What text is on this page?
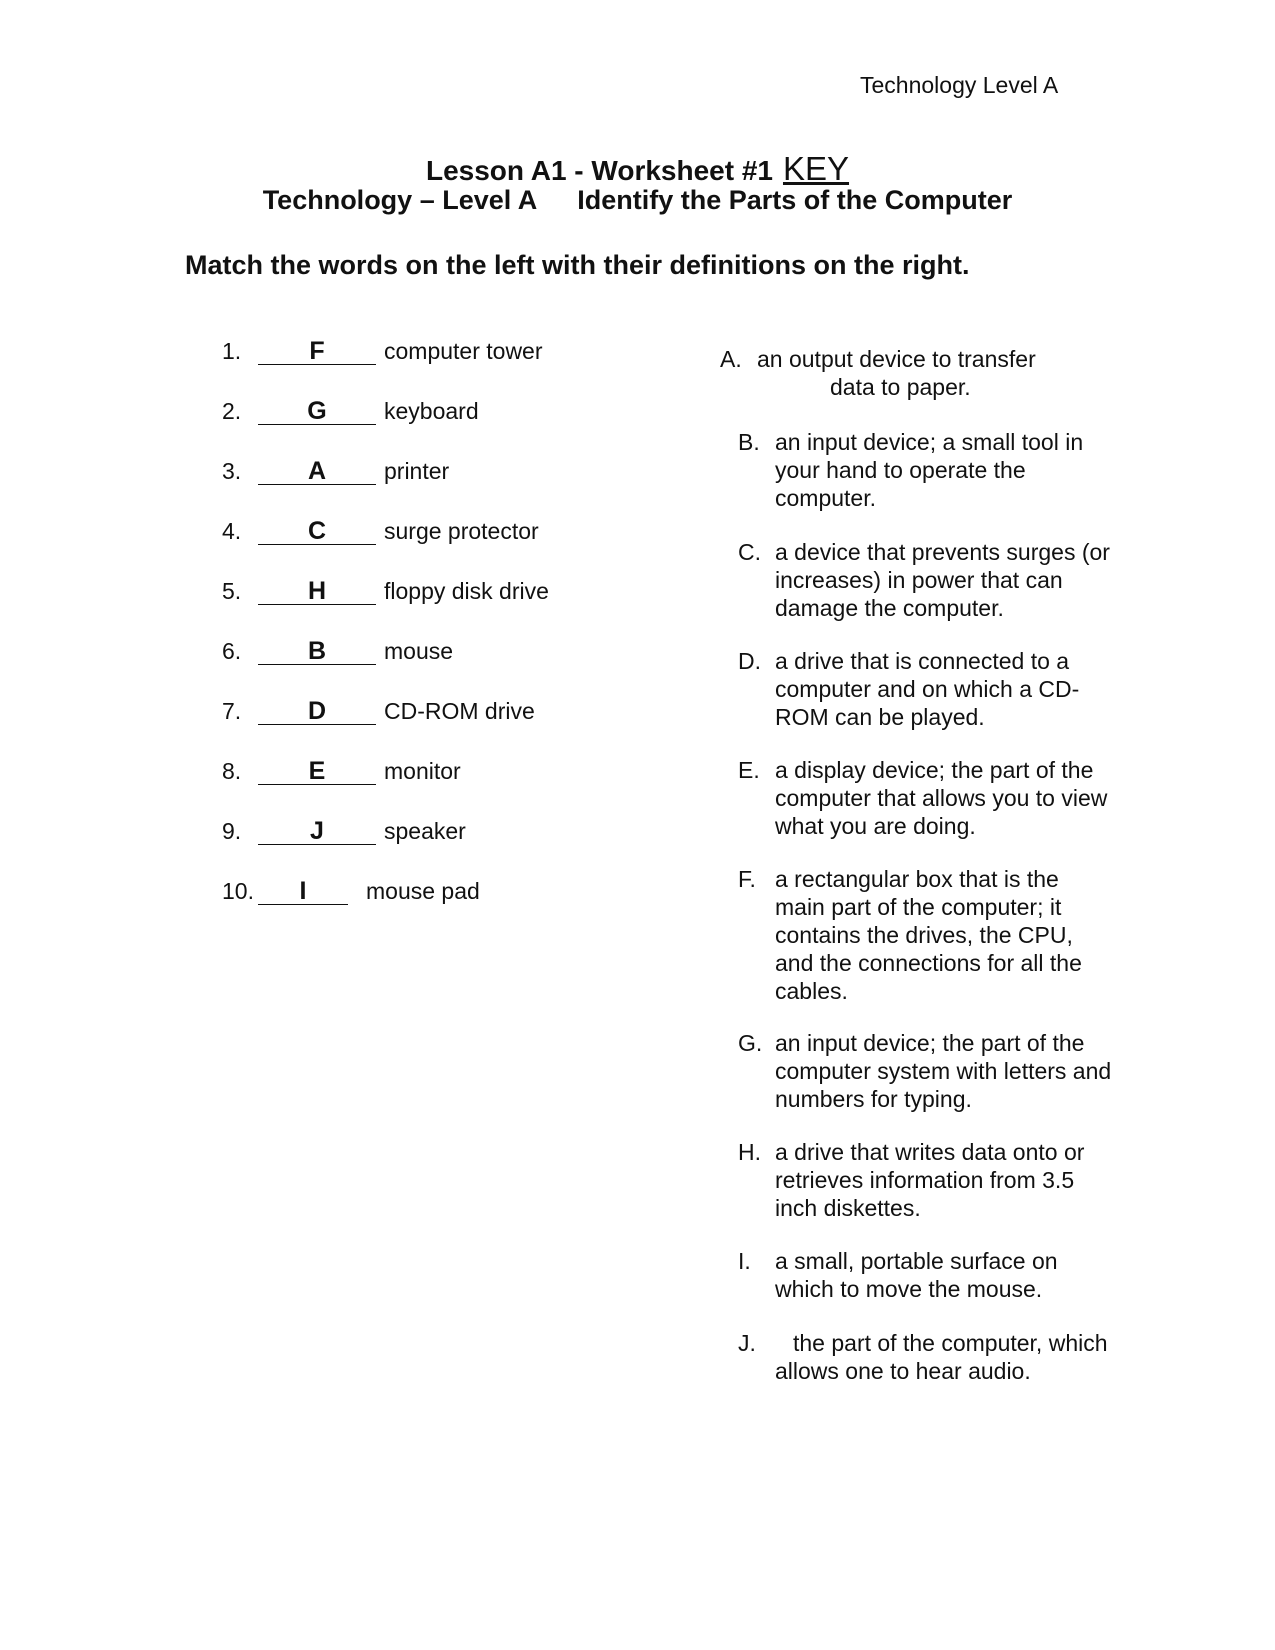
Technology Level A
Lesson A1 - Worksheet #1 KEY
Technology – Level A Identify the Parts of the Computer
Match the words on the left with their definitions on the right.
1.	F	computer tower
2.	G keyboard
3.	A	printer
4.	C	surge protector
5.	H	floppy disk drive
6.	B	mouse
7.	D	CD-ROM drive
8.	E	monitor
9.	J	speaker
10. I	mouse pad
A. an output device to transfer
data to paper.
B. an input device; a small tool in your hand to operate the computer.
C. a device that prevents surges (or increases) in power that can damage the computer.
D. a drive that is connected to a computer and on which a CD-ROM can be played.
E. a display device; the part of the computer that allows you to view what you are doing.
F. a rectangular box that is the main part of the computer; it contains the drives, the CPU, and the connections for all the cables.
G. an input device; the part of the computer system with letters and numbers for typing.
H. a drive that writes data onto or retrieves information from 3.5 inch diskettes.
I. a small, portable surface on which to move the mouse.
J.	the part of the computer, which allows one to hear audio.
